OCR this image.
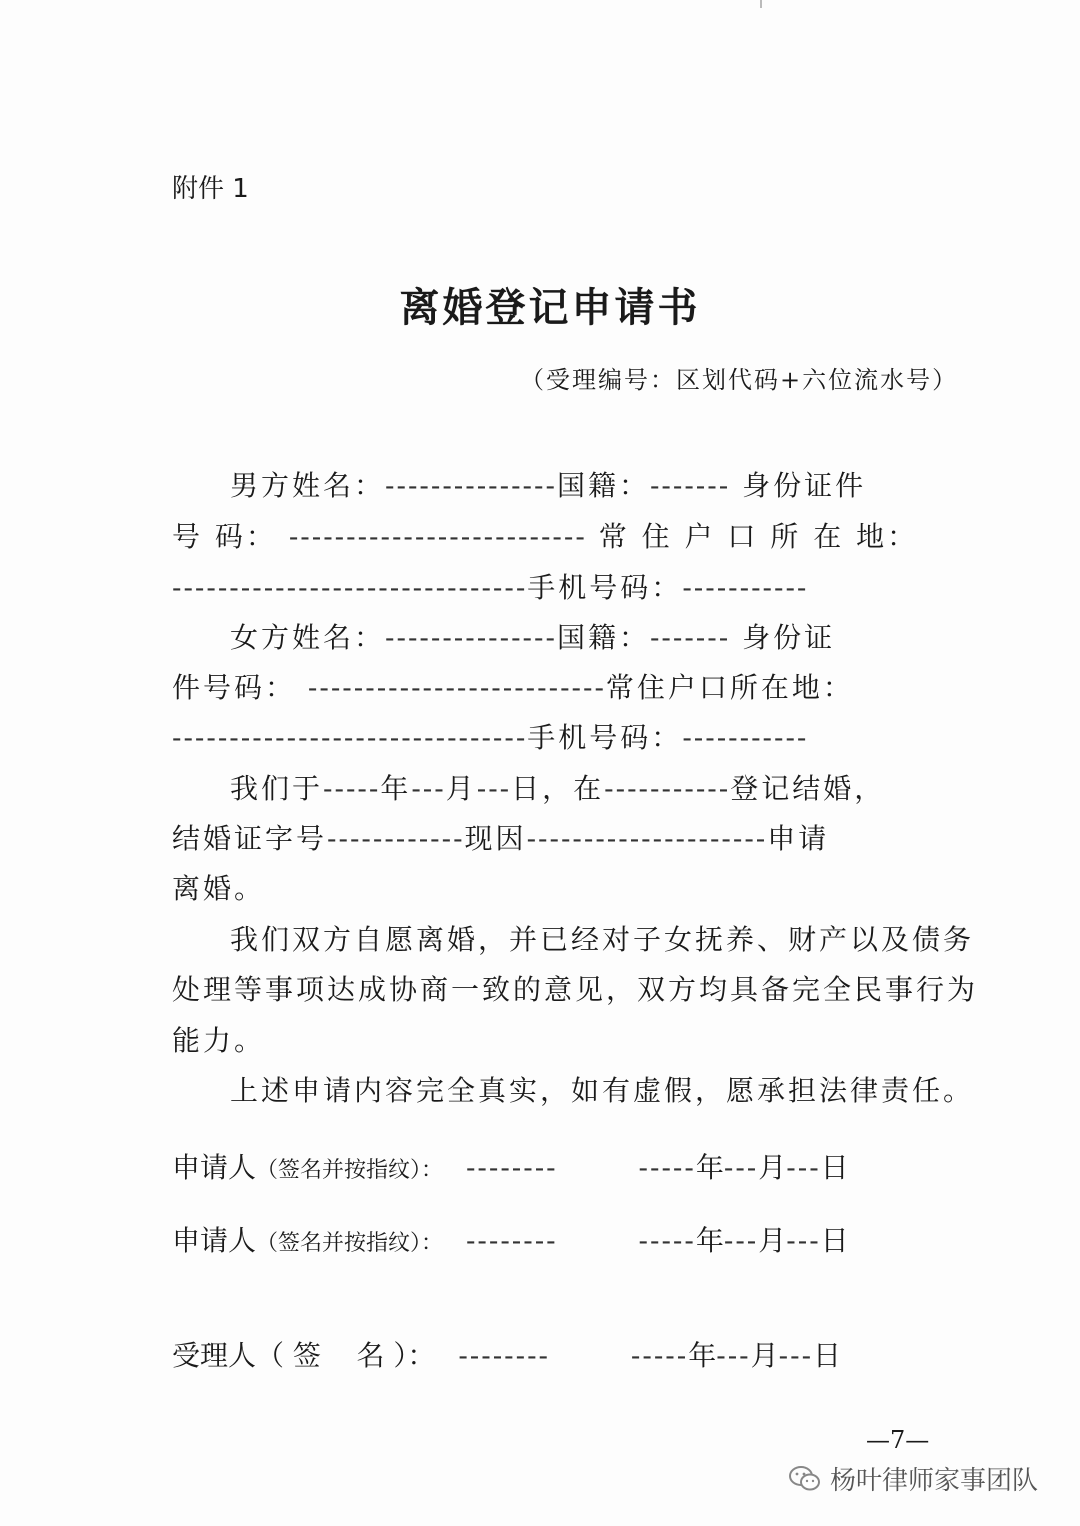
附件 1
离婚登记申请书
（受理编号：区划代码+六位流水号）
男方姓名：---------------国籍：------- 身份证件
号 码： -------------------------- 常 住 户 口 所 在 地：
-------------------------------手机号码：-----------
女方姓名：---------------国籍：------- 身份证
件号码： --------------------------常住户口所在地：
-------------------------------手机号码：-----------
我们于-----年---月---日，在-----------登记结婚，
结婚证字号------------现因---------------------申请
离婚。
我们双方自愿离婚，并已经对子女抚养、财产以及债务
处理等事项达成协商一致的意见，双方均具备完全民事行为
能力。
上述申请内容完全真实，如有虚假，愿承担法律责任。
申请人（签名并按指纹）： --------	-----年---月---日
申请人（签名并按指纹）： --------	-----年---月---日
受理人（ 签    名 ）： --------	-----年---月---日
—7—
杨叶律师家事团队
